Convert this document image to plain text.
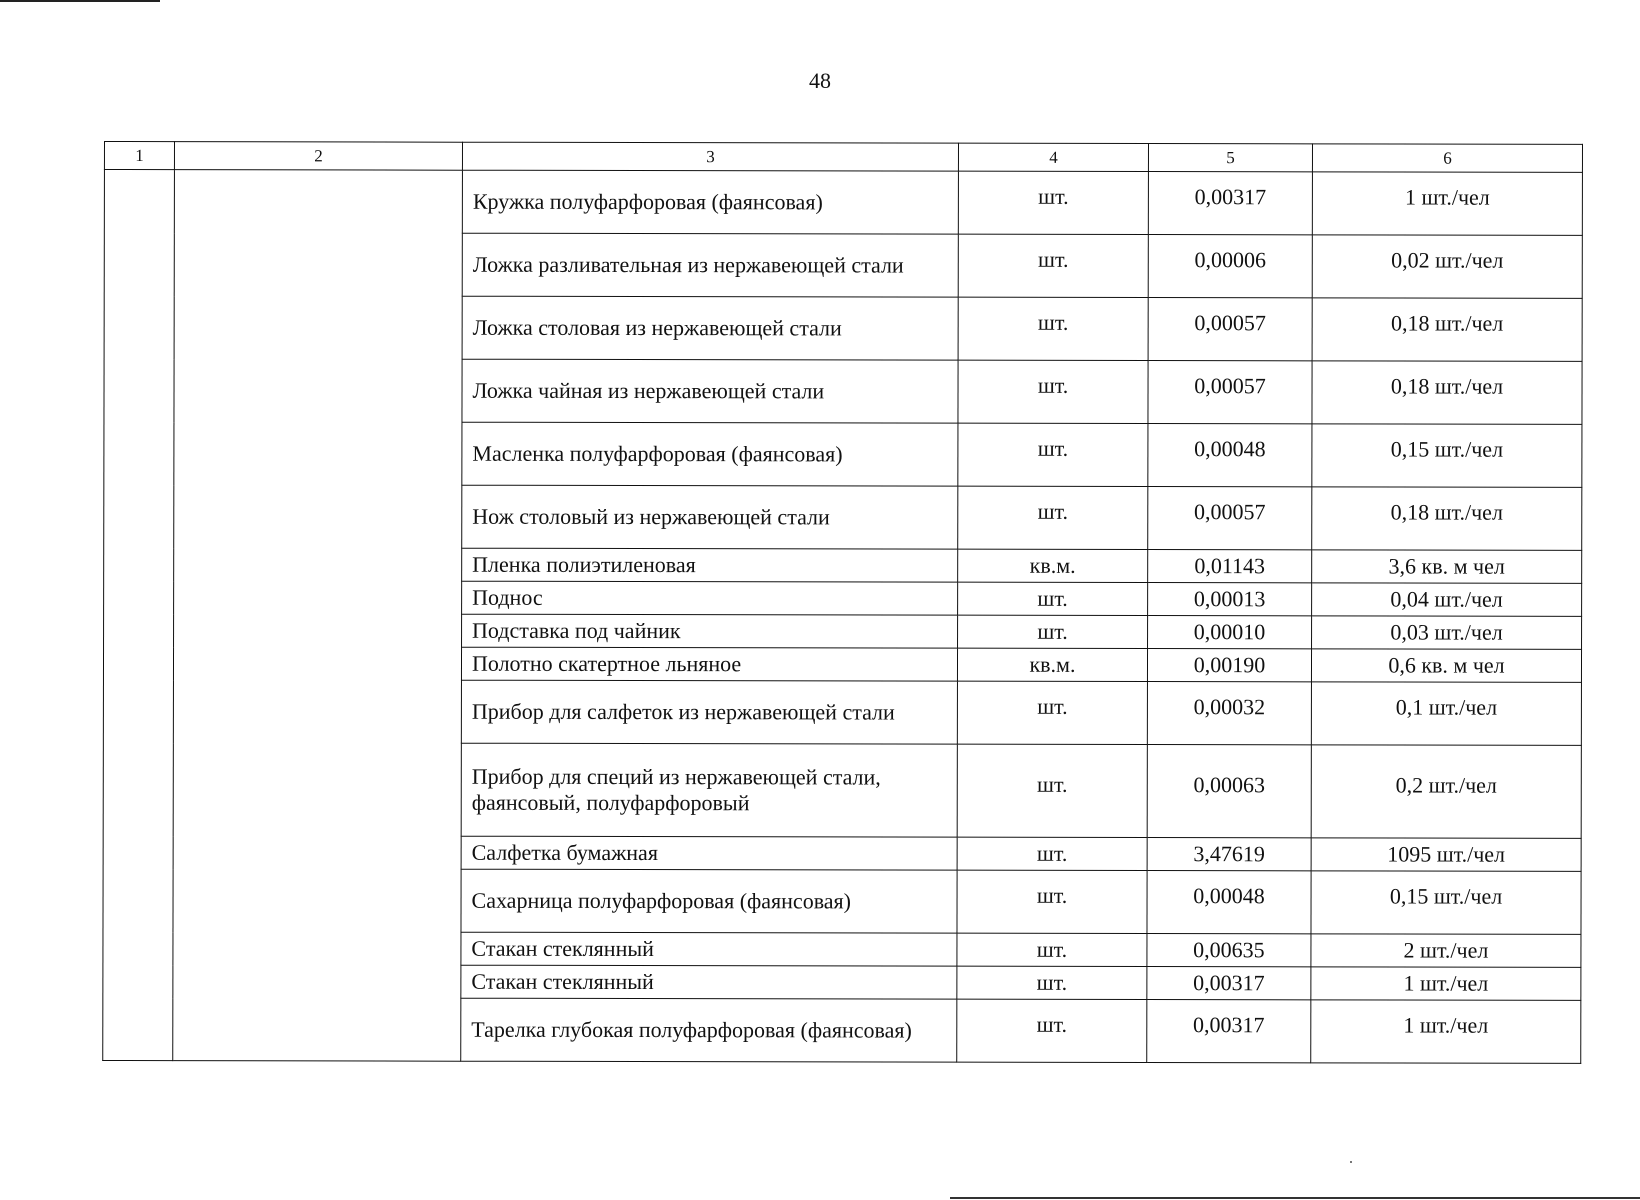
48
1	2	3	4	5	6
		Кружка полуфарфоровая (фаянсовая)	шт.	0,00317	1 шт./чел
		Ложка разливательная из нержавеющей стали	шт.	0,00006	0,02 шт./чел
		Ложка столовая из нержавеющей стали	шт.	0,00057	0,18 шт./чел
		Ложка чайная из нержавеющей стали	шт.	0,00057	0,18 шт./чел
		Масленка полуфарфоровая (фаянсовая)	шт.	0,00048	0,15 шт./чел
		Нож столовый из нержавеющей стали	шт.	0,00057	0,18 шт./чел
		Пленка полиэтиленовая	кв.м.	0,01143	3,6 кв. м чел
		Поднос	шт.	0,00013	0,04 шт./чел
		Подставка под чайник	шт.	0,00010	0,03 шт./чел
		Полотно скатертное льняное	кв.м.	0,00190	0,6 кв. м чел
		Прибор для салфеток из нержавеющей стали	шт.	0,00032	0,1 шт./чел
		Прибор для специй из нержавеющей стали, фаянсовый, полуфарфоровый	шт.	0,00063	0,2 шт./чел
		Салфетка бумажная	шт.	3,47619	1095 шт./чел
		Сахарница полуфарфоровая (фаянсовая)	шт.	0,00048	0,15 шт./чел
		Стакан стеклянный	шт.	0,00635	2 шт./чел
		Стакан стеклянный	шт.	0,00317	1 шт./чел
		Тарелка глубокая полуфарфоровая (фаянсовая)	шт.	0,00317	1 шт./чел
